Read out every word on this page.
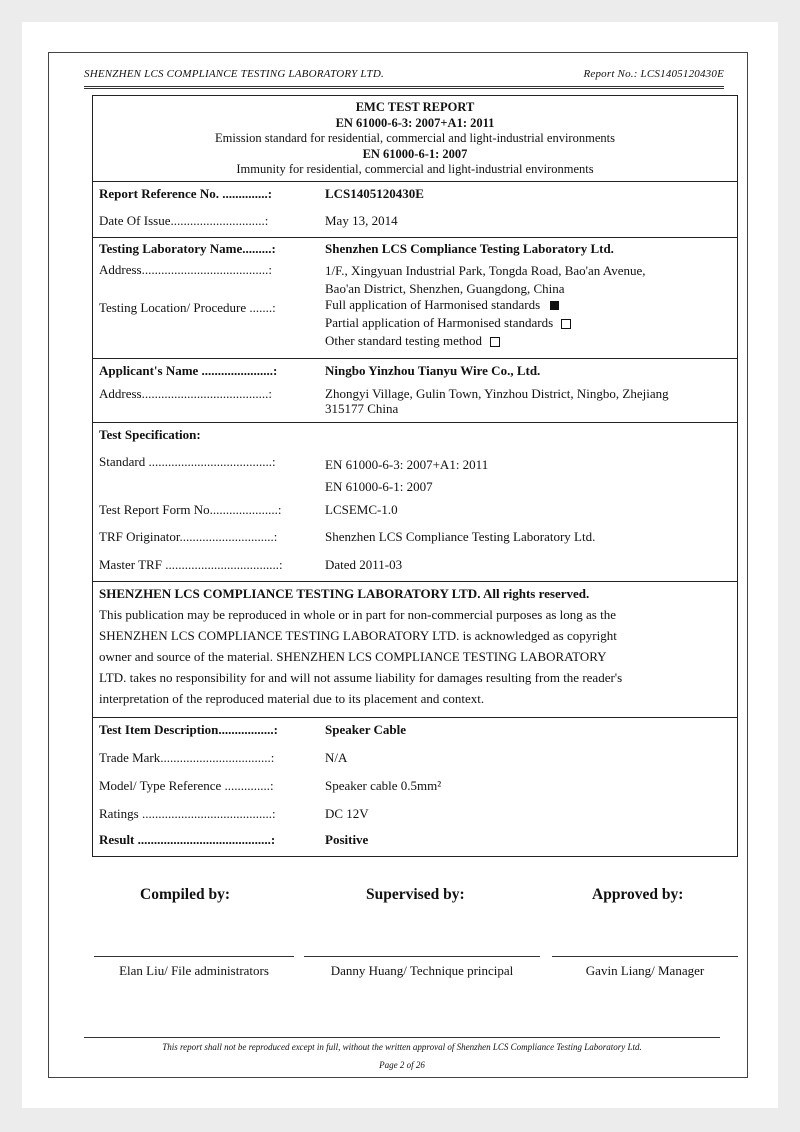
SHENZHEN LCS COMPLIANCE TESTING LABORATORY LTD.	Report No.: LCS1405120430E
EMC TEST REPORT
EN 61000-6-3: 2007+A1: 2011
Emission standard for residential, commercial and light-industrial environments
EN 61000-6-1: 2007
Immunity for residential, commercial and light-industrial environments
Report Reference No. ..............:	LCS1405120430E
Date Of Issue.............................:	May 13, 2014
Testing Laboratory Name.........:	Shenzhen LCS Compliance Testing Laboratory Ltd.
Address.......................................:	1/F., Xingyuan Industrial Park, Tongda Road, Bao'an Avenue,
Bao'an District, Shenzhen, Guangdong, China
Testing Location/ Procedure .......:	Full application of Harmonised standards
Partial application of Harmonised standards
Other standard testing method
Applicant's Name ......................:	Ningbo Yinzhou Tianyu Wire Co., Ltd.
Address.......................................:	Zhongyi Village, Gulin Town, Yinzhou District, Ningbo, Zhejiang
315177 China
Test Specification:
Standard ......................................:	EN 61000-6-3: 2007+A1: 2011
EN 61000-6-1: 2007
Test Report Form No.....................:	LCSEMC-1.0
TRF Originator.............................:	Shenzhen LCS Compliance Testing Laboratory Ltd.
Master TRF ...................................:	Dated 2011-03
SHENZHEN LCS COMPLIANCE TESTING LABORATORY LTD. All rights reserved.
This publication may be reproduced in whole or in part for non-commercial purposes as long as the
SHENZHEN LCS COMPLIANCE TESTING LABORATORY LTD. is acknowledged as copyright
owner and source of the material. SHENZHEN LCS COMPLIANCE TESTING LABORATORY
LTD. takes no responsibility for and will not assume liability for damages resulting from the reader's
interpretation of the reproduced material due to its placement and context.
Test Item Description.................:	Speaker Cable
Trade Mark..................................:	N/A
Model/ Type Reference ..............:	Speaker cable 0.5mm²
Ratings ........................................:	DC 12V
Result .........................................:	Positive
Compiled by:	Supervised by:	Approved by:
Elan Liu/ File administrators	Danny Huang/ Technique principal	Gavin Liang/ Manager
This report shall not be reproduced except in full, without the written approval of Shenzhen LCS Compliance Testing Laboratory Ltd.
Page 2 of 26
